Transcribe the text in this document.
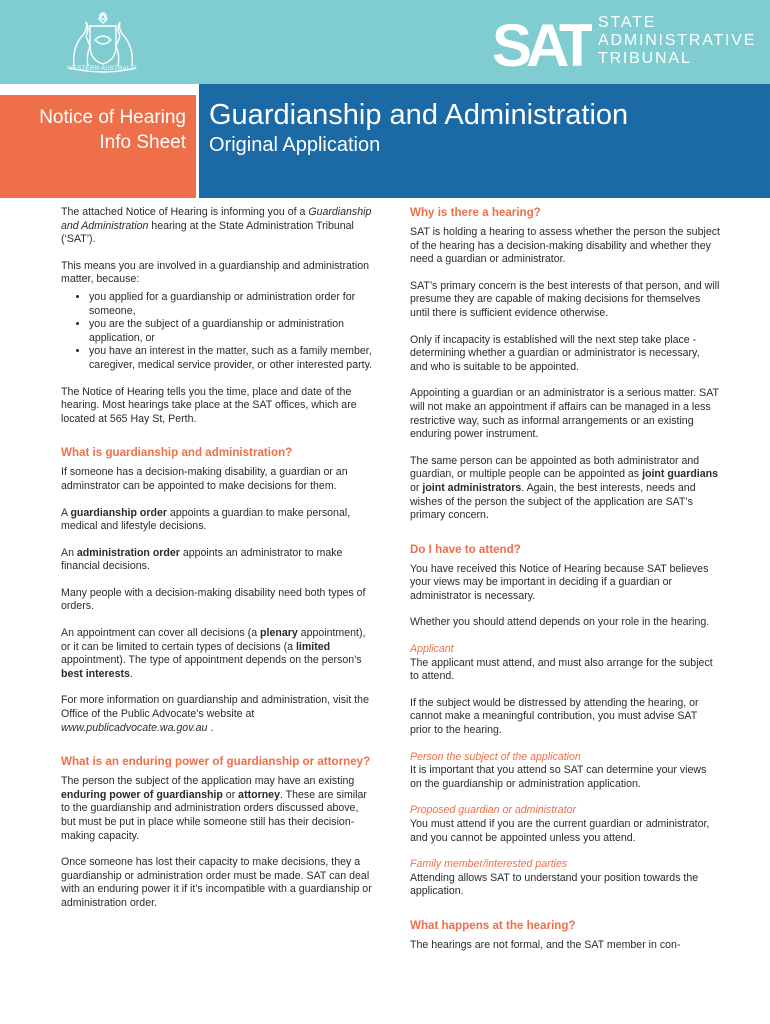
WESTERN AUSTRALIA	SAT STATE
ADMINISTRATIVE
TRIBUNAL
Notice of Hearing
Info Sheet
Guardianship and Administration
Original Application

The attached Notice of Hearing is informing you of a Guardianship and Administration hearing at the State Administration Tribunal (‘SAT’).

This means you are involved in a guardianship and administration matter, because:

• you applied for a guardianship or administration order for someone,
• you are the subject of a guardianship or administration application, or
• you have an interest in the matter, such as a family member, caregiver, medical service provider, or other interested party.

The Notice of Hearing tells you the time, place and date of the hearing. Most hearings take place at the SAT offices, which are located at 565 Hay St, Perth.

What is guardianship and administration?

If someone has a decision-making disability, a guardian or an adminstrator can be appointed to make decisions for them.

A guardianship order appoints a guardian to make personal, medical and lifestyle decisions.

An administration order appoints an administrator to make financial decisions.

Many people with a decision-making disability need both types of orders.

An appointment can cover all decisions (a plenary appointment), or it can be limited to certain types of decisions (a limited appointment). The type of appointment depends on the person’s best interests.

For more information on guardianship and administration, visit the Office of the Public Advocate’s website at www.publicadvocate.wa.gov.au .

What is an enduring power of guardianship or attorney?

The person the subject of the application may have an existing enduring power of guardianship or attorney. These are similar to the guardianship and administration orders discussed above, but must be put in place while someone still has their decision-making capacity.

Once someone has lost their capacity to make decisions, they a guardianship or administration order must be made. SAT can deal with an enduring power it if it’s incompatible with a guardianship or administration order.

Why is there a hearing?

SAT is holding a hearing to assess whether the person the subject of the hearing has a decision-making disability and whether they need a guardian or administrator.

SAT’s primary concern is the best interests of that person, and will presume they are capable of making decisions for themselves until there is sufficient evidence otherwise.

Only if incapacity is established will the next step take place - determining whether a guardian or administrator is necessary, and who is suitable to be appointed.

Appointing a guardian or an administrator is a serious matter. SAT will not make an appointment if affairs can be managed in a less restrictive way, such as informal arrangements or an existing enduring power instrument.

The same person can be appointed as both administrator and guardian, or multiple people can be appointed as joint guardians or joint administrators. Again, the best interests, needs and wishes of the person the subject of the application are SAT’s primary concern.

Do I have to attend?

You have received this Notice of Hearing because SAT believes your views may be important in deciding if a guardian or administrator is necessary.

Whether you should attend depends on your role in the hearing.

Applicant
The applicant must attend, and must also arrange for the subject to attend.

If the subject would be distressed by attending the hearing, or cannot make a meaningful contribution, you must advise SAT prior to the hearing.

Person the subject of the application
It is important that you attend so SAT can determine your views on the guardianship or administration application.

Proposed guardian or administrator
You must attend if you are the current guardian or administrator, and you cannot be appointed unless you attend.

Family member/interested parties
Attending allows SAT to understand your position towards the application.

What happens at the hearing?

The hearings are not formal, and the SAT member in con-
